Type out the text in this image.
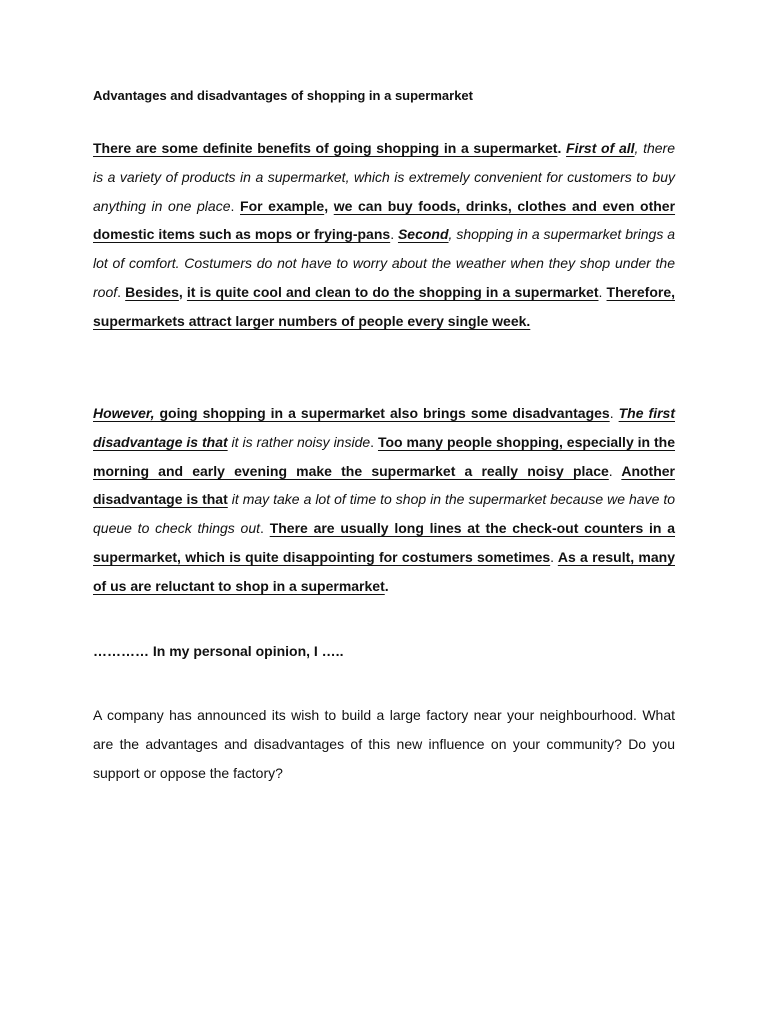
Advantages and disadvantages of shopping in a supermarket

There are some definite benefits of going shopping in a supermarket. First of all, there is a variety of products in a supermarket, which is extremely convenient for customers to buy anything in one place. For example, we can buy foods, drinks, clothes and even other domestic items such as mops or frying-pans. Second, shopping in a supermarket brings a lot of comfort. Costumers do not have to worry about the weather when they shop under the roof. Besides, it is quite cool and clean to do the shopping in a supermarket. Therefore, supermarkets attract larger numbers of people every single week.

However, going shopping in a supermarket also brings some disadvantages. The first disadvantage is that it is rather noisy inside. Too many people shopping, especially in the morning and early evening make the supermarket a really noisy place. Another disadvantage is that it may take a lot of time to shop in the supermarket because we have to queue to check things out. There are usually long lines at the check-out counters in a supermarket, which is quite disappointing for costumers sometimes. As a result, many of us are reluctant to shop in a supermarket.

………… In my personal opinion, I …..

A company has announced its wish to build a large factory near your neighbourhood. What are the advantages and disadvantages of this new influence on your community? Do you support or oppose the factory?
